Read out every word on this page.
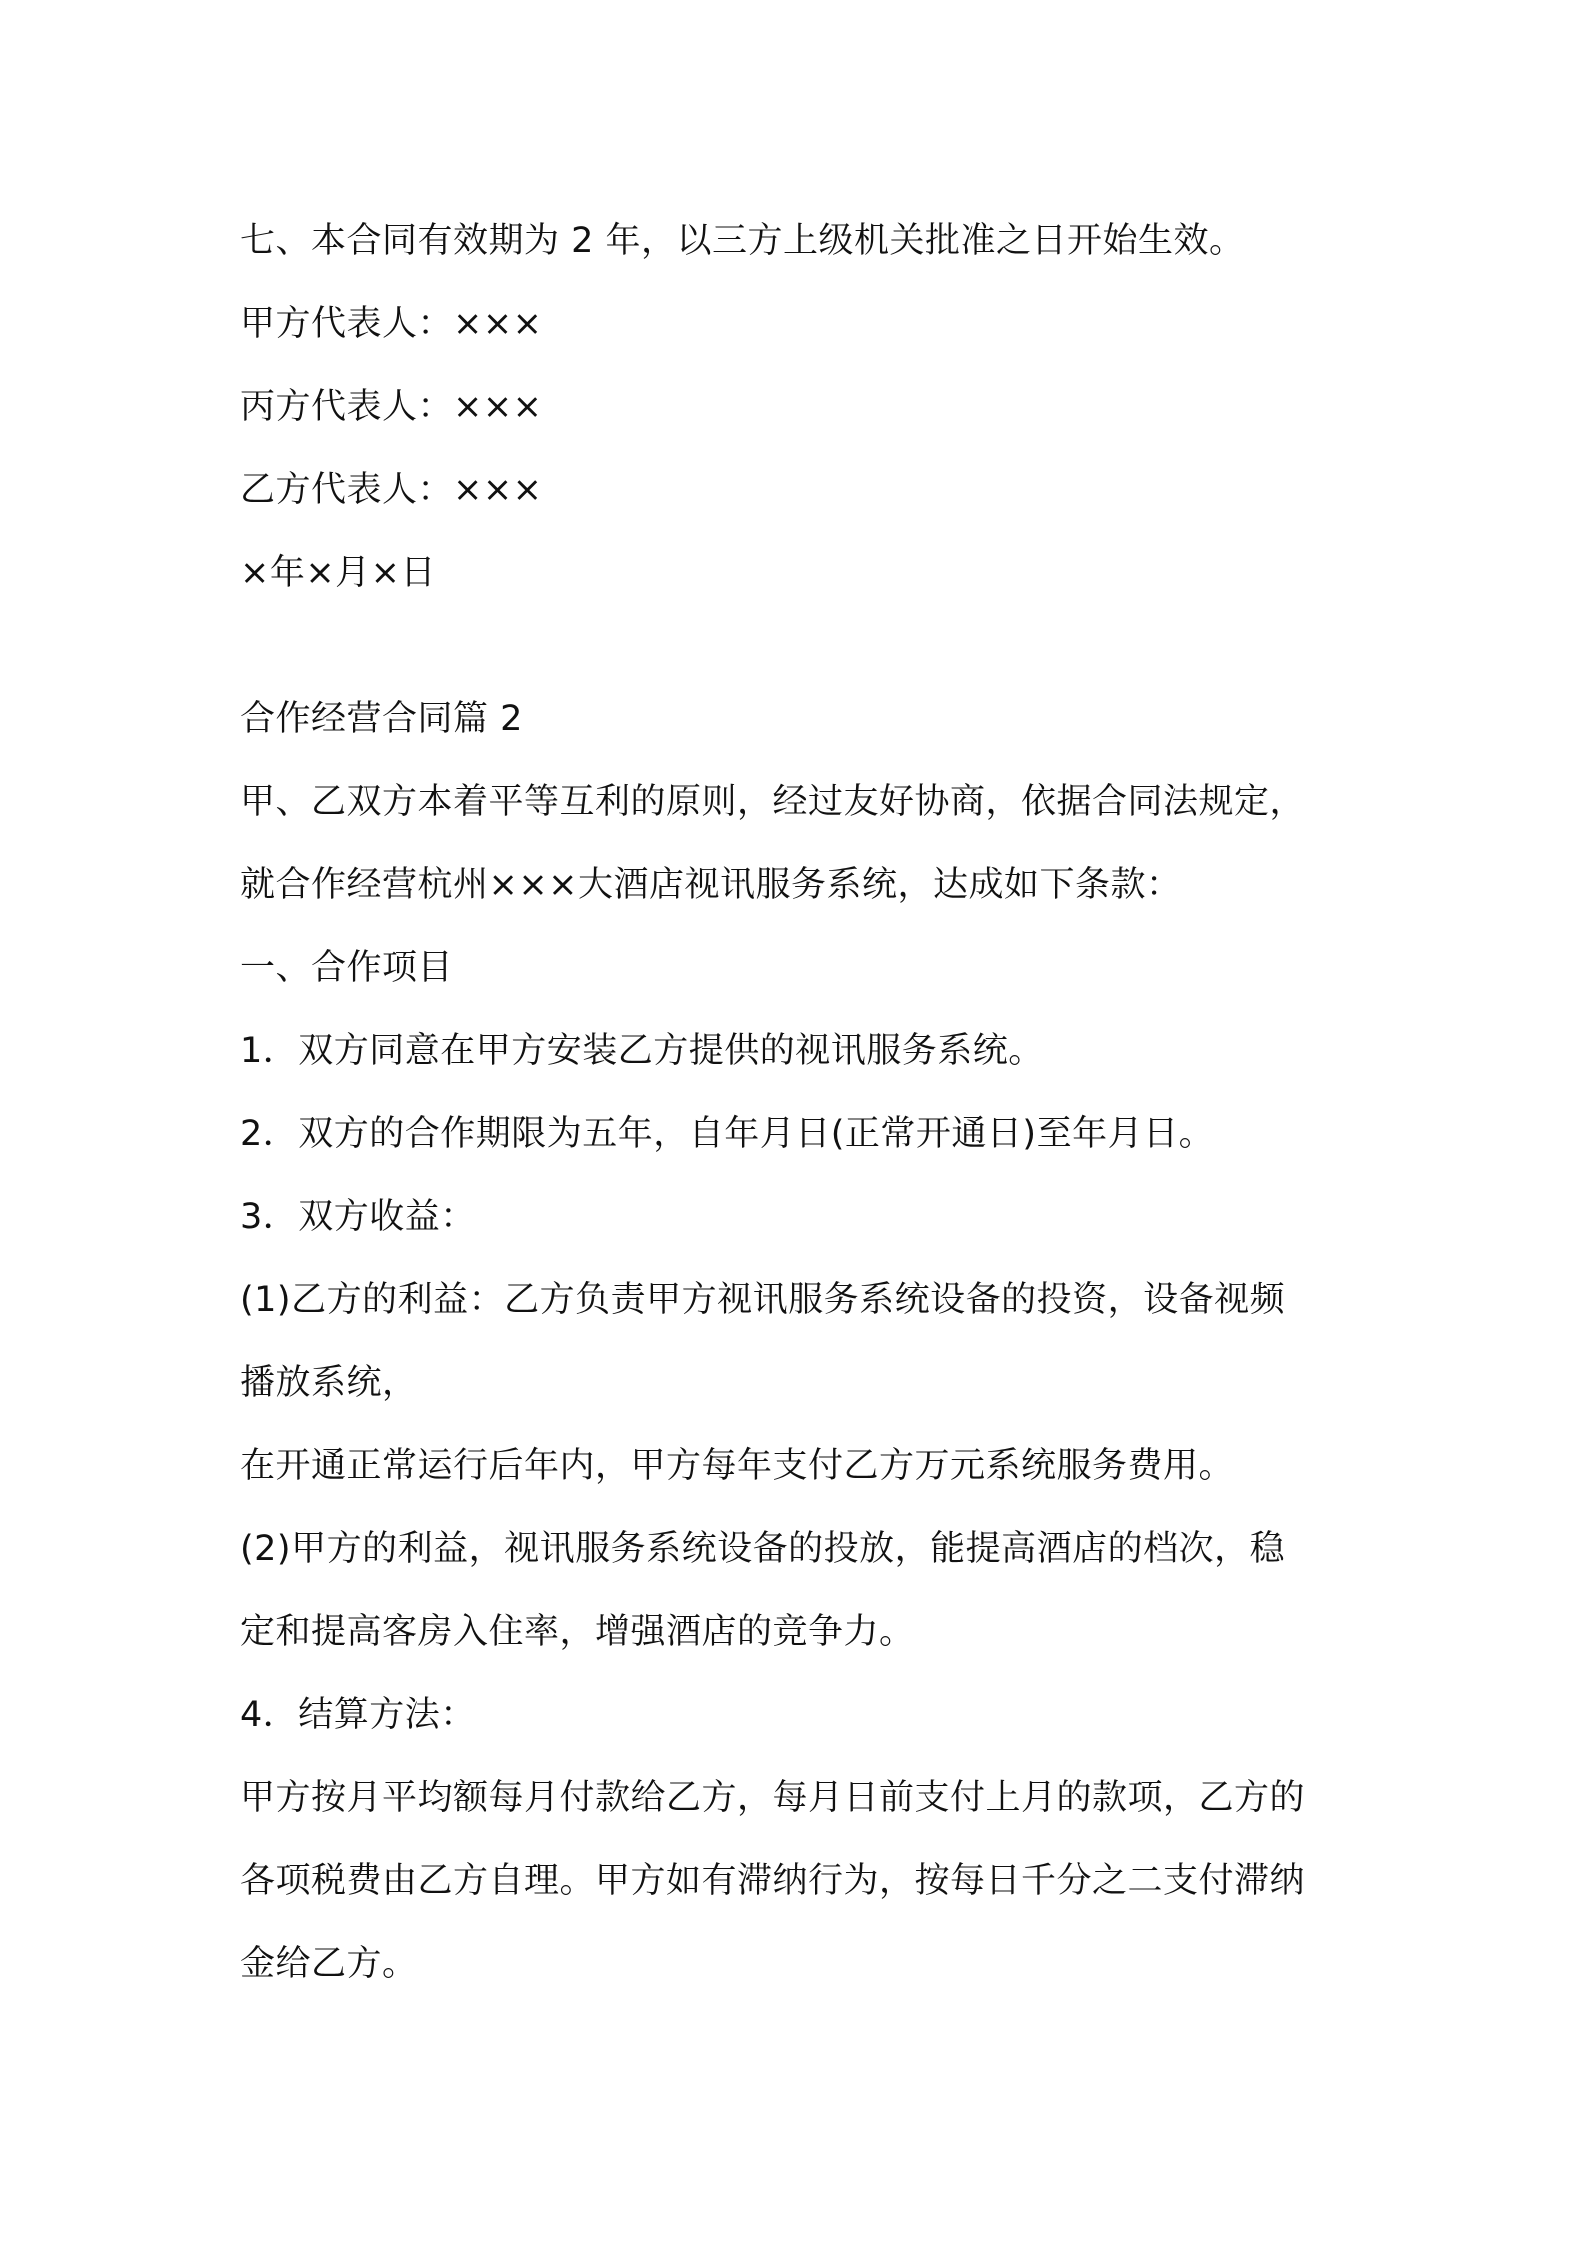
七、本合同有效期为 2 年，以三方上级机关批准之日开始生效。
甲方代表人：×××
丙方代表人：×××
乙方代表人：×××
×年×月×日
合作经营合同篇 2
甲、乙双方本着平等互利的原则，经过友好协商，依据合同法规定，
就合作经营杭州×××大酒店视讯服务系统，达成如下条款：
一、合作项目
1．双方同意在甲方安装乙方提供的视讯服务系统。
2．双方的合作期限为五年，自年月日(正常开通日)至年月日。
3．双方收益：
(1)乙方的利益：乙方负责甲方视讯服务系统设备的投资，设备视频
播放系统，
在开通正常运行后年内，甲方每年支付乙方万元系统服务费用。
(2)甲方的利益，视讯服务系统设备的投放，能提高酒店的档次，稳
定和提高客房入住率，增强酒店的竞争力。
4．结算方法：
甲方按月平均额每月付款给乙方，每月日前支付上月的款项，乙方的
各项税费由乙方自理。甲方如有滞纳行为，按每日千分之二支付滞纳
金给乙方。
